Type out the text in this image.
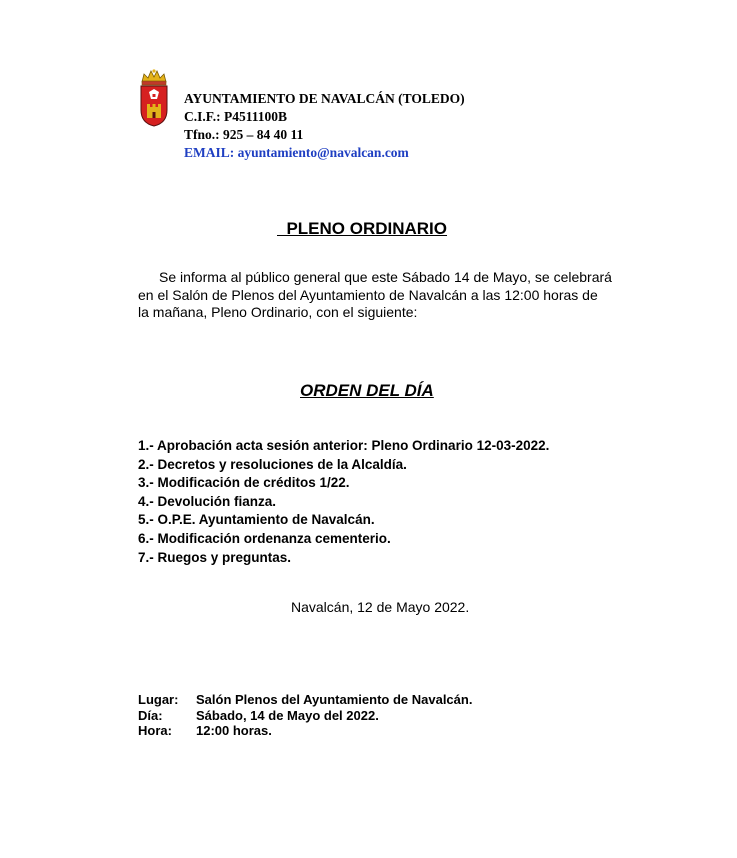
AYUNTAMIENTO DE NAVALCÁN (TOLEDO)
C.I.F.: P4511100B
Tfno.: 925 – 84 40 11
EMAIL: ayuntamiento@navalcan.com
PLENO ORDINARIO
Se informa al público general que este Sábado 14 de Mayo, se celebrará
en el Salón de Plenos del Ayuntamiento de Navalcán a las 12:00 horas de
la mañana, Pleno Ordinario, con el siguiente:
ORDEN DEL DÍA
1.- Aprobación acta sesión anterior: Pleno Ordinario 12-03-2022.
2.- Decretos y resoluciones de la Alcaldía.
3.- Modificación de créditos 1/22.
4.- Devolución fianza.
5.- O.P.E. Ayuntamiento de Navalcán.
6.- Modificación ordenanza cementerio.
7.- Ruegos y preguntas.
Navalcán, 12 de Mayo 2022.
Lugar: Salón Plenos del Ayuntamiento de Navalcán.
Día:	Sábado, 14 de Mayo del 2022.
Hora: 12:00 horas.
